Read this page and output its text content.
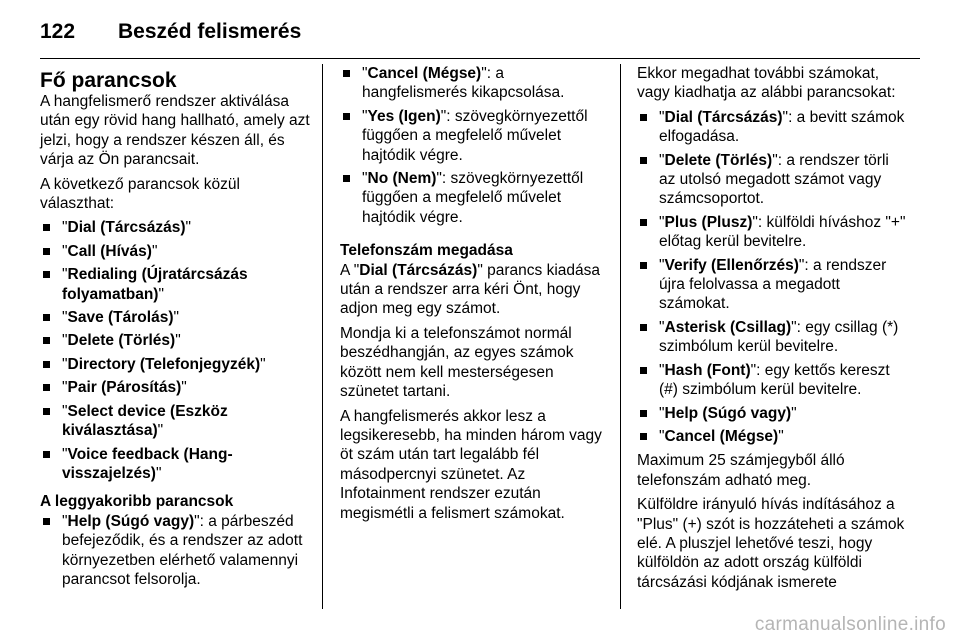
122	Beszéd felismerés
Fő parancsok

A hangfelismerő rendszer aktiválása után egy rövid hang hallható, amely azt jelzi, hogy a rendszer készen áll, és várja az Ön parancsait.

A következő parancsok közül választhat:

"Dial (Tárcsázás)"
"Call (Hívás)"
"Redialing (Újratárcsázás folyamatban)"
"Save (Tárolás)"
"Delete (Törlés)"
"Directory (Telefonjegyzék)"
"Pair (Párosítás)"
"Select device (Eszköz kiválasztása)"
"Voice feedback (Hang-visszajelzés)"
A leggyakoribb parancsok
"Help (Súgó vagy)": a párbeszéd befejeződik, és a rendszer az adott környezetben elérhető valamennyi parancsot felsorolja.
"Cancel (Mégse)": a hangfelismerés kikapcsolása.
"Yes (Igen)": szövegkörnyezettől függően a megfelelő művelet hajtódik végre.
"No (Nem)": szövegkörnyezettől függően a megfelelő művelet hajtódik végre.
Telefonszám megadása

A "Dial (Tárcsázás)" parancs kiadása után a rendszer arra kéri Önt, hogy adjon meg egy számot.

Mondja ki a telefonszámot normál beszédhangján, az egyes számok között nem kell mesterségesen szünetet tartani.

A hangfelismerés akkor lesz a legsikeresebb, ha minden három vagy öt szám után tart legalább fél másodpercnyi szünetet. Az Infotainment rendszer ezután megismétli a felismert számokat.

Ekkor megadhat további számokat, vagy kiadhatja az alábbi parancsokat:

"Dial (Tárcsázás)": a bevitt számok elfogadása.
"Delete (Törlés)": a rendszer törli az utolsó megadott számot vagy számcsoportot.
"Plus (Plusz)": külföldi híváshoz "+" előtag kerül bevitelre.
"Verify (Ellenőrzés)": a rendszer újra felolvassa a megadott számokat.
"Asterisk (Csillag)": egy csillag (*) szimbólum kerül bevitelre.
"Hash (Font)": egy kettős kereszt (#) szimbólum kerül bevitelre.
"Help (Súgó vagy)"
"Cancel (Mégse)"

Maximum 25 számjegyből álló telefonszám adható meg.

Külföldre irányuló hívás indításához a "Plus" (+) szót is hozzáteheti a számok elé. A pluszjel lehetővé teszi, hogy külföldön az adott ország külföldi tárcsázási kódjának ismerete

carmanualsonline.info
